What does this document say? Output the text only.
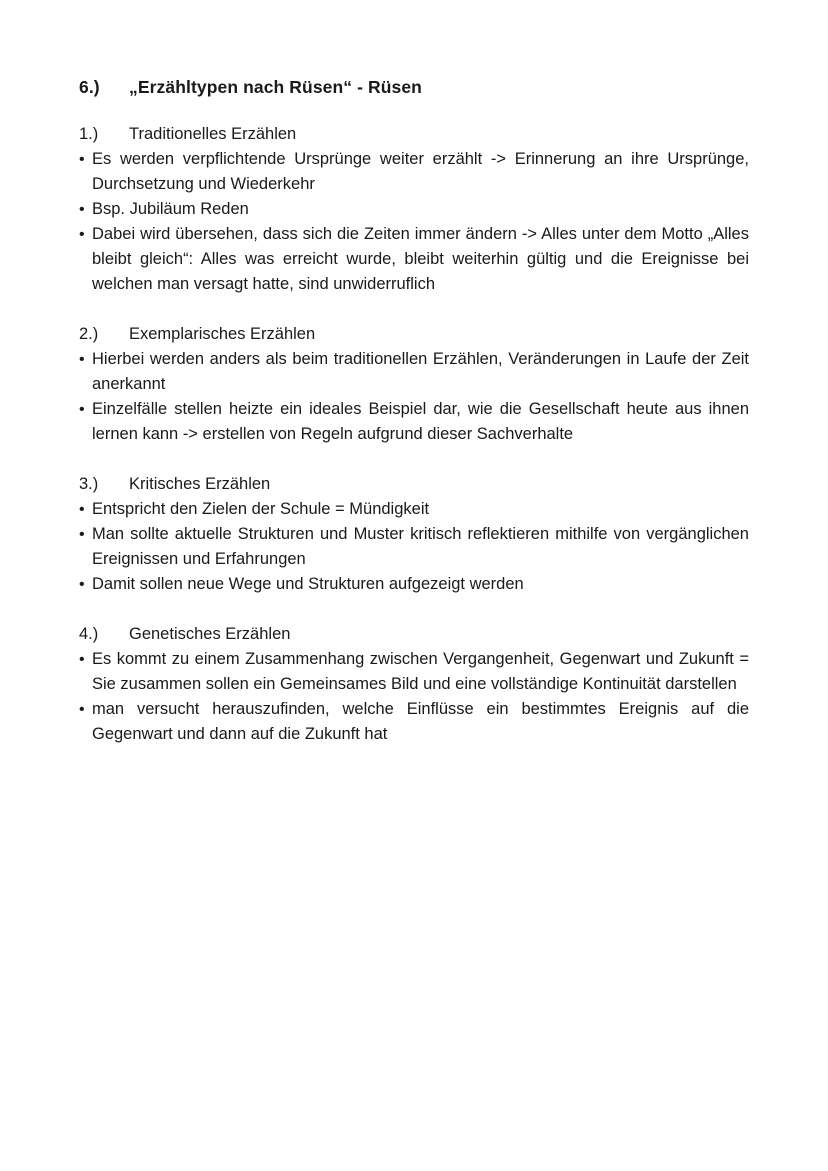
6.)	„Erzähltypen nach Rüsen“ - Rüsen
1.)	Traditionelles Erzählen
• Es werden verpflichtende Ursprünge weiter erzählt -> Erinnerung an ihre Ursprünge, Durchsetzung und Wiederkehr
• Bsp. Jubiläum Reden
• Dabei wird übersehen, dass sich die Zeiten immer ändern -> Alles unter dem Motto „Alles bleibt gleich“: Alles was erreicht wurde, bleibt weiterhin gültig und die Ereignisse bei welchen man versagt hatte, sind unwiderruflich
2.)	Exemplarisches Erzählen
• Hierbei werden anders als beim traditionellen Erzählen, Veränderungen in Laufe der Zeit anerkannt
• Einzelfälle stellen heizte ein ideales Beispiel dar, wie die Gesellschaft heute aus ihnen lernen kann -> erstellen von Regeln aufgrund dieser Sachverhalte
3.)	Kritisches Erzählen
• Entspricht den Zielen der Schule = Mündigkeit
• Man sollte aktuelle Strukturen und Muster kritisch reflektieren mithilfe von vergänglichen Ereignissen und Erfahrungen
• Damit sollen neue Wege und Strukturen aufgezeigt werden
4.)	Genetisches Erzählen
• Es kommt zu einem Zusammenhang zwischen Vergangenheit, Gegenwart und Zukunft = Sie zusammen sollen ein Gemeinsames Bild und eine vollständige Kontinuität darstellen
• man versucht herauszufinden, welche Einflüsse ein bestimmtes Ereignis auf die Gegenwart und dann auf die Zukunft hat
